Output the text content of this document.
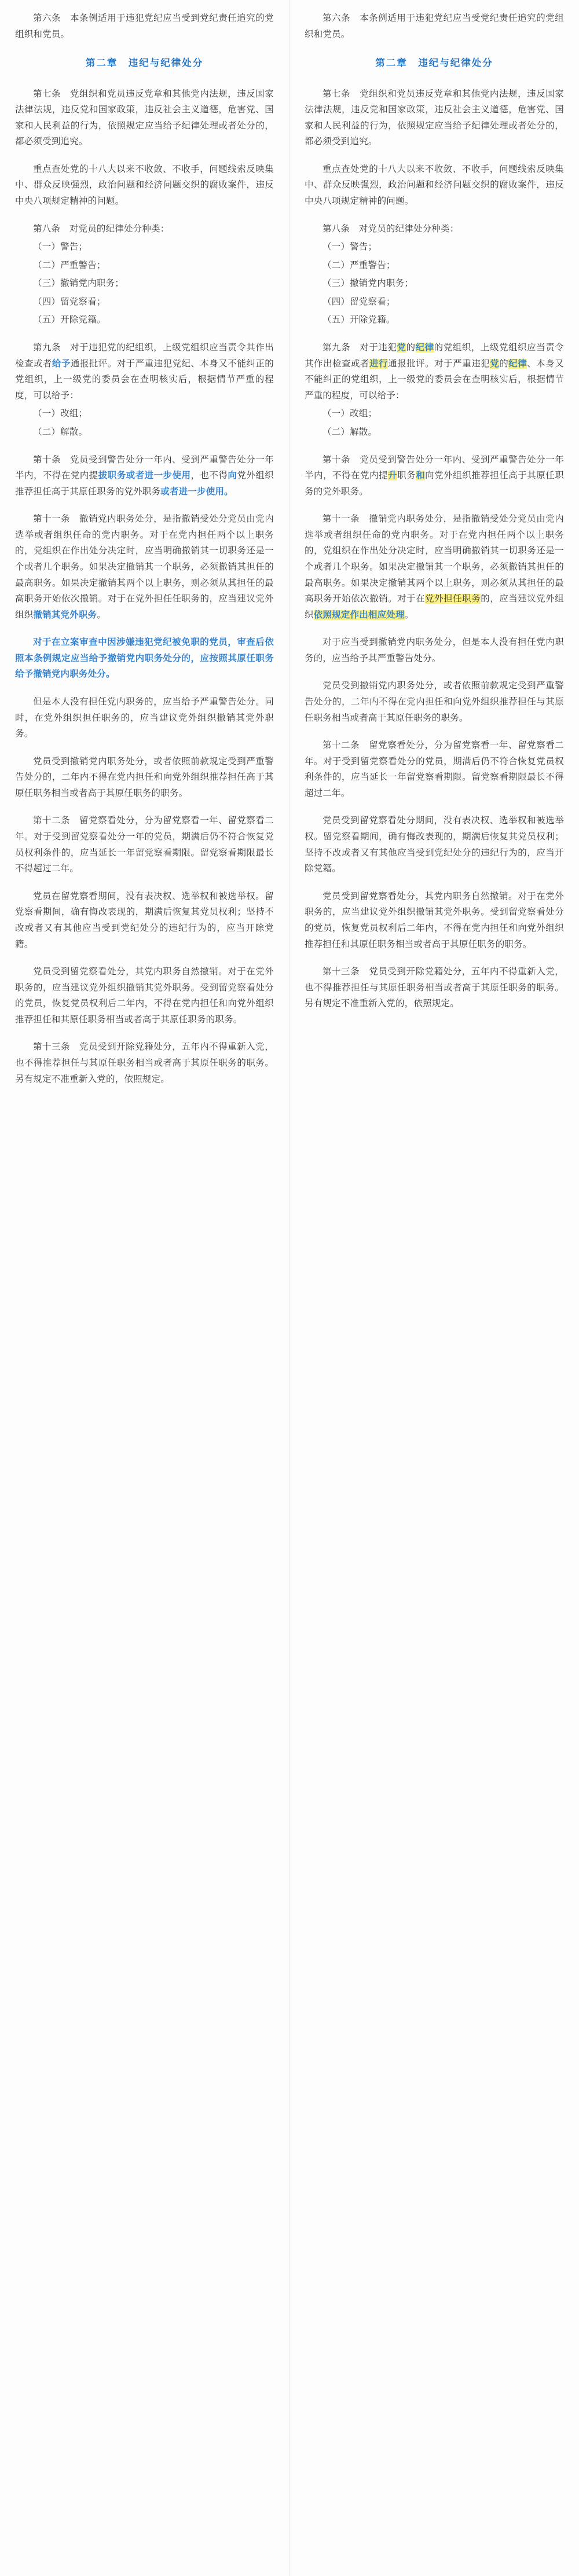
第六条　本条例适用于违犯党纪应当受到党纪责任追究的党组织和党员。

第二章　违纪与纪律处分

第七条　党组织和党员违反党章和其他党内法规，违反国家法律法规，违反党和国家政策，违反社会主义道德，危害党、国家和人民利益的行为，依照规定应当给予纪律处理或者处分的，都必须受到追究。

重点查处党的十八大以来不收敛、不收手，问题线索反映集中、群众反映强烈，政治问题和经济问题交织的腐败案件，违反中央八项规定精神的问题。

第八条　对党员的纪律处分种类：

（一）警告；

（二）严重警告；

（三）撤销党内职务；

（四）留党察看；

（五）开除党籍。

第九条　对于违犯党的纪组织，上级党组织应当责令其作出检查或者给予通报批评。对于严重违犯党纪、本身又不能纠正的党组织，上一级党的委员会在查明核实后，根据情节严重的程度，可以给予：

（一）改组；

（二）解散。

第十条　党员受到警告处分一年内、受到严重警告处分一年半内，不得在党内提拔职务或者进一步使用，也不得向党外组织推荐担任高于其原任职务的党外职务或者进一步使用。

第十一条　撤销党内职务处分，是指撤销受处分党员由党内选举或者组织任命的党内职务。对于在党内担任两个以上职务的，党组织在作出处分决定时，应当明确撤销其一切职务还是一个或者几个职务。如果决定撤销其一个职务，必须撤销其担任的最高职务。如果决定撤销其两个以上职务，则必须从其担任的最高职务开始依次撤销。对于在党外担任任职务的，应当建议党外组织撤销其党外职务。

对于在立案审查中因涉嫌违犯党纪被免职的党员，审查后依照本条例规定应当给予撤销党内职务处分的，应按照其原任职务给予撤销党内职务处分。

但是本人没有担任党内职务的，应当给予严重警告处分。同时，在党外组织担任职务的，应当建议党外组织撤销其党外职务。

党员受到撤销党内职务处分，或者依照前款规定受到严重警告处分的，二年内不得在党内担任和向党外组织推荐担任高于其原任职务相当或者高于其原任职务的职务。

第十二条　留党察看处分，分为留党察看一年、留党察看二年。对于受到留党察看处分一年的党员，期满后仍不符合恢复党员权利条件的，应当延长一年留党察看期限。留党察看期限最长不得超过二年。

党员在留党察看期间，没有表决权、选举权和被选举权。留党察看期间，确有悔改表现的，期满后恢复其党员权利；坚持不改或者又有其他应当受到党纪处分的违纪行为的，应当开除党籍。

党员受到留党察看处分，其党内职务自然撤销。对于在党外职务的，应当建议党外组织撤销其党外职务。受到留党察看处分的党员，恢复党员权利后二年内，不得在党内担任和向党外组织推荐担任和其原任职务相当或者高于其原任职务的职务。

第十三条　党员受到开除党籍处分，五年内不得重新入党，也不得推荐担任与其原任职务相当或者高于其原任职务的职务。另有规定不准重新入党的，依照规定。

第六条　本条例适用于违犯党纪应当受党纪责任追究的党组织和党员。

第二章　违纪与纪律处分

第七条　党组织和党员违反党章和其他党内法规，违反国家法律法规，违反党和国家政策，违反社会主义道德，危害党、国家和人民利益的行为，依照规定应当给予纪律处理或者处分的，都必须受到追究。

重点查处党的十八大以来不收敛、不收手，问题线索反映集中、群众反映强烈，政治问题和经济问题交织的腐败案件，违反中央八项规定精神的问题。

第八条　对党员的纪律处分种类：

（一）警告；

（二）严重警告；

（三）撤销党内职务；

（四）留党察看；

（五）开除党籍。

第九条　对于违犯党的纪律的党组织，上级党组织应当责令其作出检查或者进行通报批评。对于严重违犯党的纪律、本身又不能纠正的党组织，上一级党的委员会在查明核实后，根据情节严重的程度，可以给予：

（一）改组；

（二）解散。

第十条　党员受到警告处分一年内、受到严重警告处分一年半内，不得在党内提升职务和向党外组织推荐担任高于其原任职务的党外职务。

第十一条　撤销党内职务处分，是指撤销受处分党员由党内选举或者组织任命的党内职务。对于在党内担任两个以上职务的，党组织在作出处分决定时，应当明确撤销其一切职务还是一个或者几个职务。如果决定撤销其一个职务，必须撤销其担任的最高职务。如果决定撤销其两个以上职务，则必须从其担任的最高职务开始依次撤销。对于在党外担任职务的，应当建议党外组织依照规定作出相应处理。

对于应当受到撤销党内职务处分，但是本人没有担任党内职务的，应当给予其严重警告处分。

党员受到撤销党内职务处分，或者依照前款规定受到严重警告处分的，二年内不得在党内担任和向党外组织推荐担任与其原任职务相当或者高于其原任职务的职务。

第十二条　留党察看处分，分为留党察看一年、留党察看二年。对于受到留党察看处分的党员，期满后仍不符合恢复党员权利条件的，应当延长一年留党察看期限。留党察看期限最长不得超过二年。

党员受到留党察看处分期间，没有表决权、选举权和被选举权。留党察看期间，确有悔改表现的，期满后恢复其党员权利；坚持不改或者又有其他应当受到党纪处分的违纪行为的，应当开除党籍。

党员受到留党察看处分，其党内职务自然撤销。对于在党外职务的，应当建议党外组织撤销其党外职务。受到留党察看处分的党员，恢复党员权利后二年内，不得在党内担任和向党外组织推荐担任和其原任职务相当或者高于其原任职务的职务。

第十三条　党员受到开除党籍处分，五年内不得重新入党，也不得推荐担任与其原任职务相当或者高于其原任职务的职务。另有规定不准重新入党的，依照规定。
